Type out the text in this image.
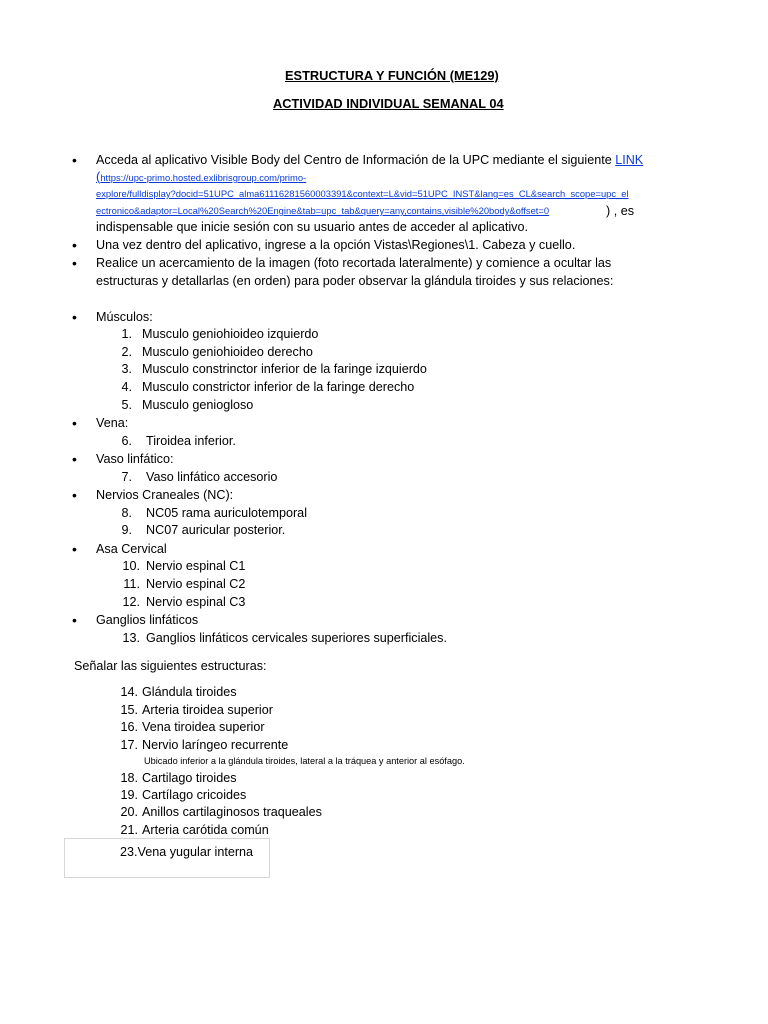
ESTRUCTURA Y FUNCIÓN (ME129)
ACTIVIDAD INDIVIDUAL SEMANAL 04
• Acceda al aplicativo Visible Body del Centro de Información de la UPC mediante el siguiente LINK
(https://upc-primo.hosted.exlibrisgroup.com/primo-
explore/fulldisplay?docid=51UPC_alma61116281560003391&context=L&vid=51UPC_INST&lang=es_CL&search_scope=upc_el
ectronico&adaptor=Local%20Search%20Engine&tab=upc_tab&query=any,contains,visible%20body&offset=0	) , es
indispensable que inicie sesión con su usuario antes de acceder al aplicativo.
• Una vez dentro del aplicativo, ingrese a la opción Vistas\Regiones\1. Cabeza y cuello.
• Realice un acercamiento de la imagen (foto recortada lateralmente) y comience a ocultar las
estructuras y detallarlas (en orden) para poder observar la glándula tiroides y sus relaciones:
• Músculos:
1. Musculo geniohioideo izquierdo
2. Musculo geniohioideo derecho
3. Musculo constrinctor inferior de la faringe izquierdo
4. Musculo constrictor inferior de la faringe derecho
5. Musculo geniogloso
• Vena:
6. Tiroidea inferior.
• Vaso linfático:
7. Vaso linfático accesorio
• Nervios Craneales (NC):
8. NC05 rama auriculotemporal
9. NC07 auricular posterior.
• Asa Cervical
10. Nervio espinal C1
11. Nervio espinal C2
12. Nervio espinal C3
• Ganglios linfáticos
13. Ganglios linfáticos cervicales superiores superficiales.
Señalar las siguientes estructuras:
14. Glándula tiroides
15. Arteria tiroidea superior
16. Vena tiroidea superior
17. Nervio laríngeo recurrente
Ubicado inferior a la glándula tiroides, lateral a la tráquea y anterior al esófago.
18. Cartilago tiroides
19. Cartílago cricoides
20. Anillos cartilaginosos traqueales
21. Arteria carótida común
23.Vena yugular interna
